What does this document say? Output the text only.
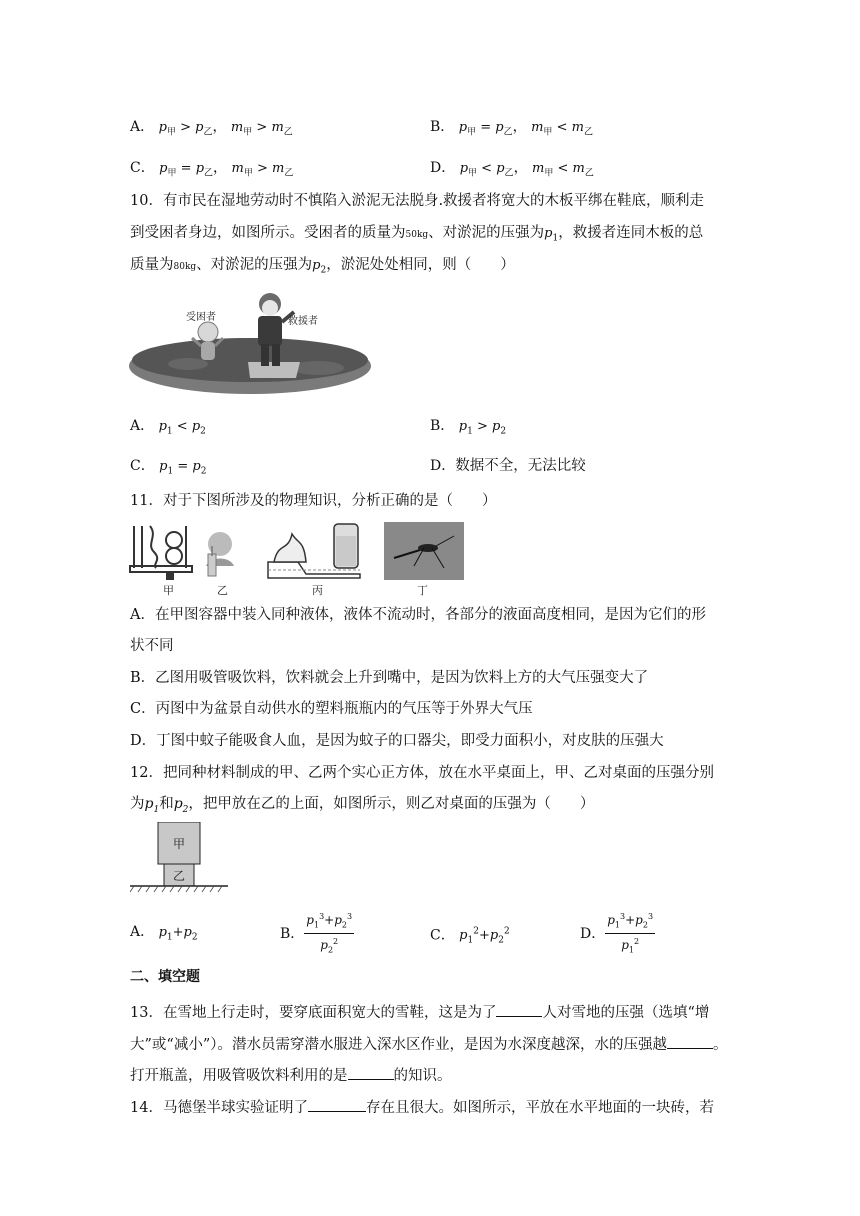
A． $p_甲 > p_乙$， $m_甲 > m_乙$	B． $p_甲 = p_乙$， $m_甲 < m_乙$
C． $p_甲 = p_乙$， $m_甲 > m_乙$	D． $p_甲 < p_乙$， $m_甲 < m_乙$
10．有市民在湿地劳动时不慎陷入淤泥无法脱身.救援者将宽大的木板平绑在鞋底，顺利走
到受困者身边，如图所示。受困者的质量为50kg、对淤泥的压强为$p_1$，救援者连同木板的总
质量为80kg、对淤泥的压强为$p_2$，淤泥处处相同，则（　　）
受困者	救援者
A． $p_1 < p_2$	B． $p_1 > p_2$
C． $p_1 = p_2$	D．数据不全，无法比较
11．对于下图所涉及的物理知识，分析正确的是（　　）
甲	乙	丙	丁
A．在甲图容器中装入同种液体，液体不流动时，各部分的液面高度相同，是因为它们的形
状不同
B．乙图用吸管吸饮料，饮料就会上升到嘴中，是因为饮料上方的大气压强变大了
C．丙图中为盆景自动供水的塑料瓶瓶内的气压等于外界大气压
D．丁图中蚊子能吸食人血，是因为蚊子的口器尖，即受力面积小，对皮肤的压强大
12．把同种材料制成的甲、乙两个实心正方体，放在水平桌面上，甲、乙对桌面的压强分别
为$p_1$和$p_2$，把甲放在乙的上面，如图所示，则乙对桌面的压强为（　　）
甲
乙
A． $p_1+p_2$	B． $\frac{p_1^3+p_2^3}{p_2^2}$	C． $p_1^2+p_2^2$	D． $\frac{p_1^3+p_2^3}{p_1^2}$
二、填空题
13．在雪地上行走时，要穿底面积宽大的雪鞋，这是为了	人对雪地的压强（选填“增
大”或“减小”）。潜水员需穿潜水服进入深水区作业，是因为水深度越深，水的压强越	。
打开瓶盖，用吸管吸饮料利用的是	的知识。
14．马德堡半球实验证明了	存在且很大。如图所示，平放在水平地面的一块砖，若
